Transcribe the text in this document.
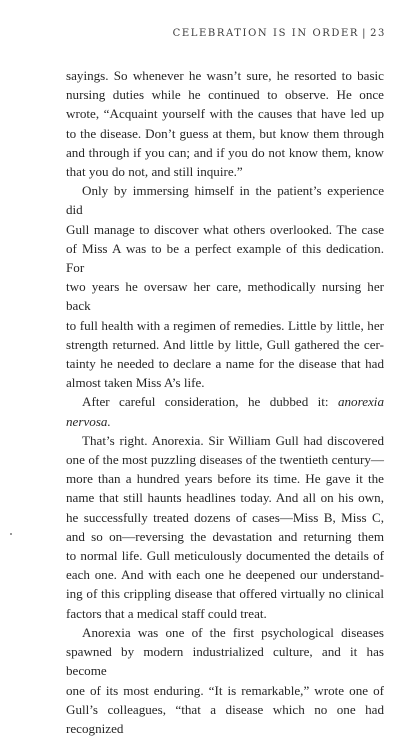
CELEBRATION IS IN ORDER | 23

sayings. So whenever he wasn’t sure, he resorted to basic

nursing duties while he continued to observe. He once

wrote, “Acquaint yourself with the causes that have led up

to the disease. Don’t guess at them, but know them through

and through if you can; and if you do not know them, know

that you do not, and still inquire.”

Only by immersing himself in the patient’s experience did

Gull manage to discover what others overlooked. The case

of Miss A was to be a perfect example of this dedication. For

two years he oversaw her care, methodically nursing her back

to full health with a regimen of remedies. Little by little, her

strength returned. And little by little, Gull gathered the cer-

tainty he needed to declare a name for the disease that had

almost taken Miss A’s life.

After careful consideration, he dubbed it: anorexia nervosa.

That’s right. Anorexia. Sir William Gull had discovered

one of the most puzzling diseases of the twentieth century—

more than a hundred years before its time. He gave it the

name that still haunts headlines today. And all on his own,

he successfully treated dozens of cases—Miss B, Miss C,

and so on—reversing the devastation and returning them

to normal life. Gull meticulously documented the details of

each one. And with each one he deepened our understand-

ing of this crippling disease that offered virtually no clinical

factors that a medical staff could treat.

Anorexia was one of the first psychological diseases

spawned by modern industrialized culture, and it has become

one of its most enduring. “It is remarkable,” wrote one of

Gull’s colleagues, “that a disease which no one had recognized
